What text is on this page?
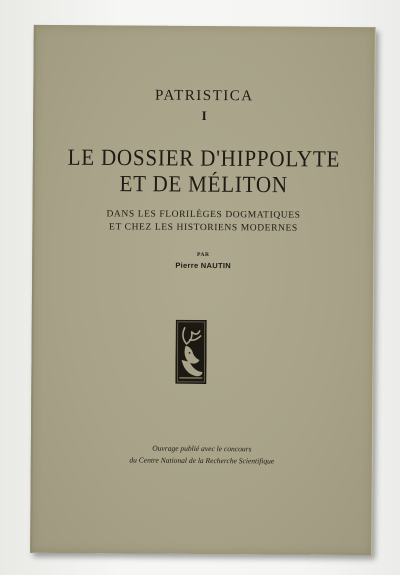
PATRISTICA
I
LE DOSSIER D'HIPPOLYTE
ET DE MÉLITON
DANS LES FLORILÈGES DOGMATIQUES
ET CHEZ LES HISTORIENS MODERNES
PAR
Pierre NAUTIN
Ouvrage publié avec le concours
du Centre National de la Recherche Scientifique
